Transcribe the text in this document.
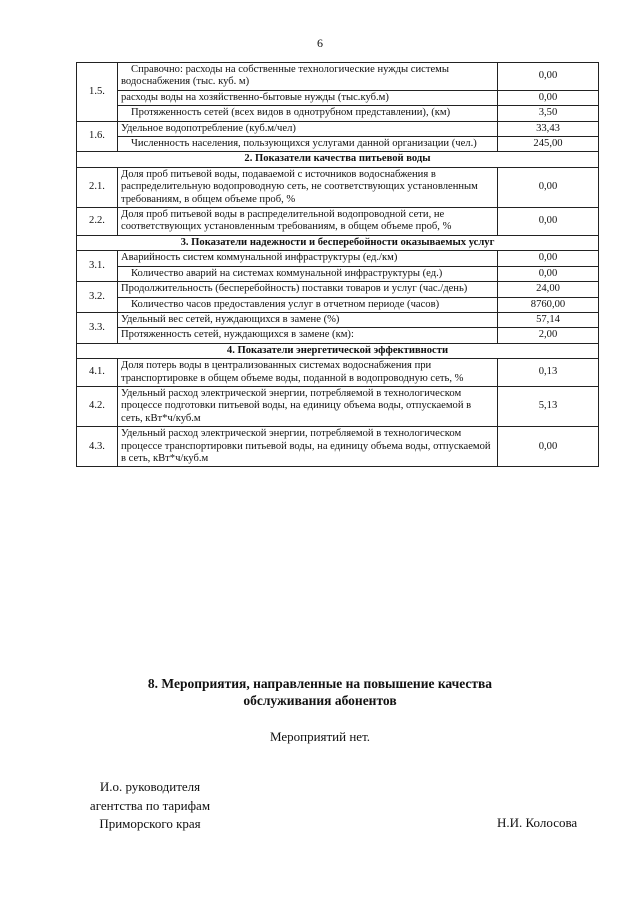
6
1.5.	Справочно: расходы на собственные технологические нужды системы водоснабжения (тыс. куб. м)	0,00
	расходы воды на хозяйственно-бытовые нужды (тыс.куб.м)	0,00
	Протяженность сетей (всех видов в однотрубном представлении), (км)	3,50
1.6.	Удельное водопотребление (куб.м/чел)	33,43
	Численность населения, пользующихся услугами данной организации (чел.)	245,00
2. Показатели качества питьевой воды		
2.1.	Доля проб питьевой воды, подаваемой с источников водоснабжения в распределительную водопроводную сеть, не соответствующих установленным требованиям, в общем объеме проб, %	0,00
2.2.	Доля проб питьевой воды в распределительной водопроводной сети, не соответствующих установленным требованиям, в общем объеме проб, %	0,00
3. Показатели надежности и бесперебойности оказываемых услуг		
3.1.	Аварийность систем коммунальной инфраструктуры (ед./км)	0,00
	Количество аварий на системах коммунальной инфраструктуры (ед.)	0,00
3.2.	Продолжительность (бесперебойность) поставки товаров и услуг (час./день)	24,00
	Количество часов предоставления услуг в отчетном периоде (часов)	8760,00
3.3.	Удельный вес сетей, нуждающихся в замене (%)	57,14
	Протяженность сетей, нуждающихся в замене (км):	2,00
4. Показатели энергетической эффективности		
4.1.	Доля потерь воды в централизованных системах водоснабжения при транспортировке в общем объеме воды, поданной в водопроводную сеть, %	0,13
4.2.	Удельный расход электрической энергии, потребляемой в технологическом процессе подготовки питьевой воды, на единицу объема воды, отпускаемой в сеть, кВт*ч/куб.м	5,13
4.3.	Удельный расход электрической энергии, потребляемой в технологическом процессе транспортировки питьевой воды, на единицу объема воды, отпускаемой в сеть, кВт*ч/куб.м	0,00
8. Мероприятия, направленные на повышение качества
обслуживания абонентов
Мероприятий нет.
И.о. руководителя
агентства по тарифам
Приморского края	Н.И. Колосова
